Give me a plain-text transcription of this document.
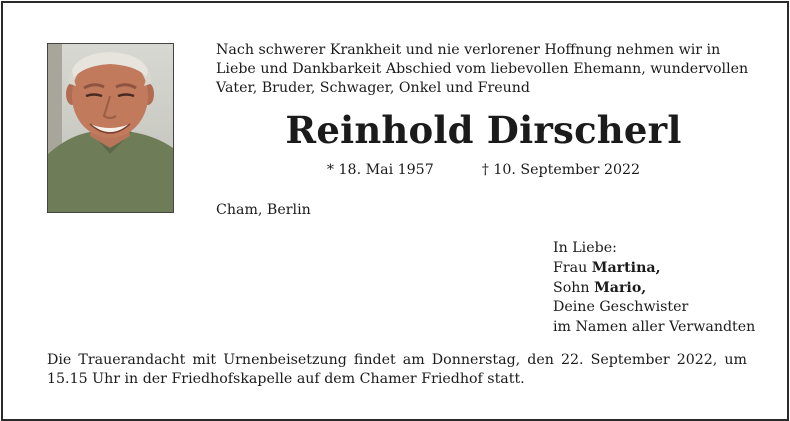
Nach schwerer Krankheit und nie verlorener Hoffnung nehmen wir in Liebe und Dankbarkeit Abschied vom liebevollen Ehemann, wundervollen Vater, Bruder, Schwager, Onkel und Freund

Reinhold Dirscherl
* 18. Mai 1957	† 10. September 2022
Cham, Berlin
In Liebe:
Frau Martina,
Sohn Mario,
Deine Geschwister
im Namen aller Verwandten
Die Trauerandacht mit Urnenbeisetzung findet am Donnerstag, den 22. September 2022, um
15.15 Uhr in der Friedhofskapelle auf dem Chamer Friedhof statt.
